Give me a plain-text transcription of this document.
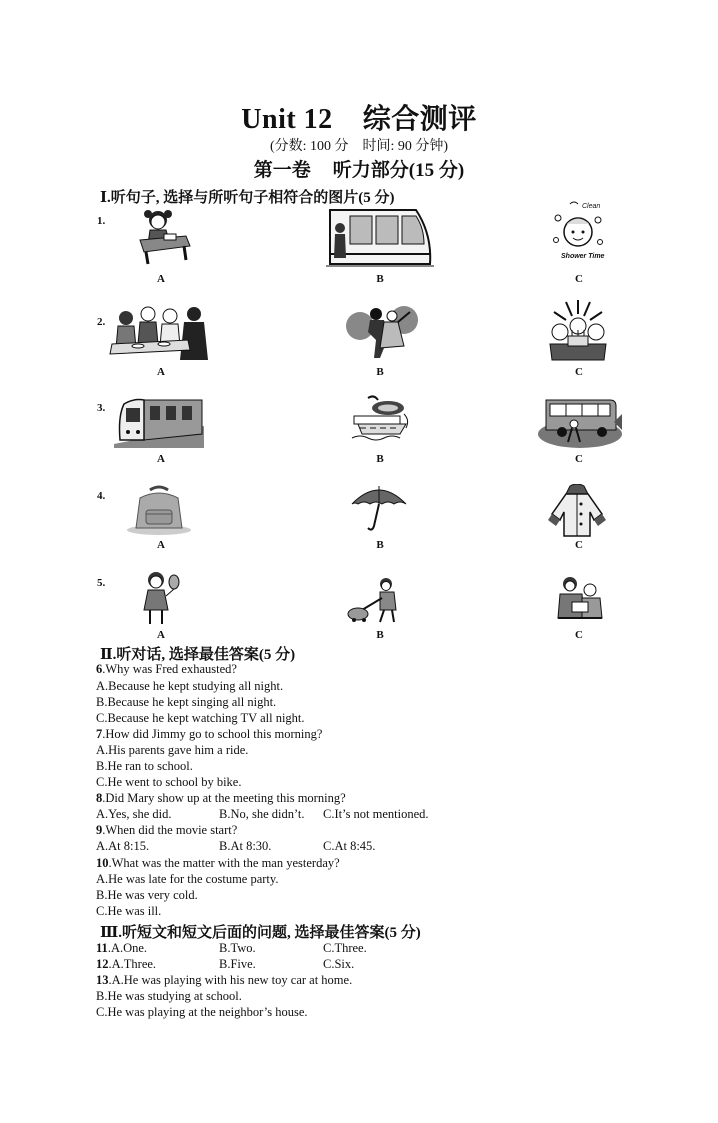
Unit 12 综合测评
(分数: 100 分 时间: 90 分钟)
第一卷 听力部分(15 分)
Ⅰ.听句子, 选择与所听句子相符合的图片(5 分)
1.
Clean
Shower Time
A	B	C
2.
A	B	C
3.
A	B	C
4.
A	B	C
5.
A	B	C
Ⅱ.听对话, 选择最佳答案(5 分)
6.Why was Fred exhausted?
A.Because he kept studying all night.
B.Because he kept singing all night.
C.Because he kept watching TV all night.
7.How did Jimmy go to school this morning?
A.His parents gave him a ride.
B.He ran to school.
C.He went to school by bike.
8.Did Mary show up at the meeting this morning?
A.Yes, she did.	B.No, she didn’t. C.It’s not mentioned.
9.When did the movie start?
A.At 8:15.	B.At 8:30.	C.At 8:45.
10.What was the matter with the man yesterday?
A.He was late for the costume party.
B.He was very cold.
C.He was ill.
Ⅲ.听短文和短文后面的问题, 选择最佳答案(5 分)
11.A.One.	B.Two.	C.Three.
12.A.Three.	B.Five.	C.Six.
13.A.He was playing with his new toy car at home.
B.He was studying at school.
C.He was playing at the neighbor’s house.
